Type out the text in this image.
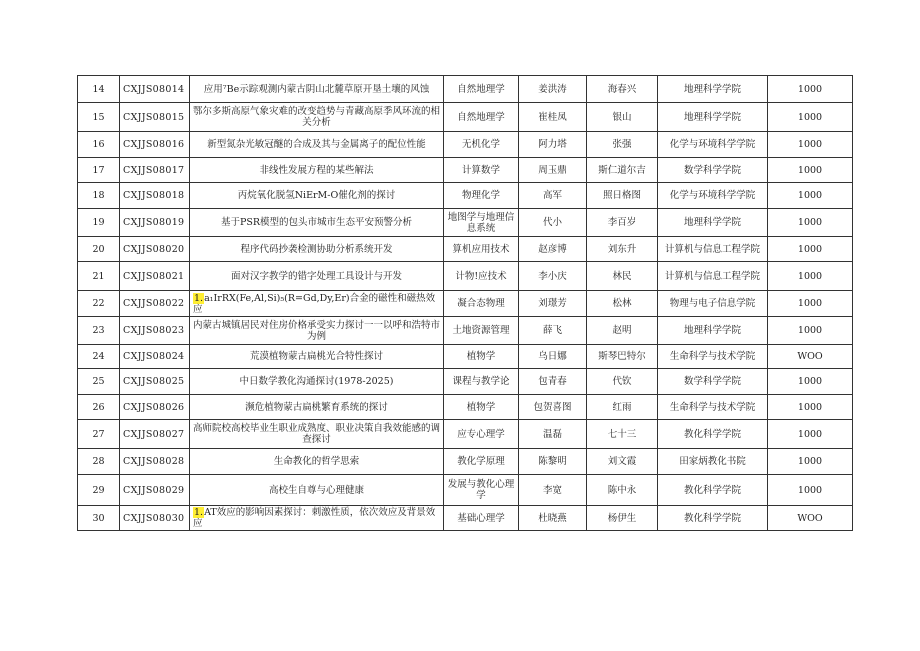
14	CXJJS08014	应用⁷Be示踪观测内蒙古阴山北麓草原开垦土壤的风蚀	自然地理学	姜洪涛	海春兴	地理科学学院	1000
15	CXJJS08015	鄂尔多斯高原气象灾难的改变趋势与青藏高原季风环流的相关分析	自然地理学	崔桂凤	银山	地理科学学院	1000
16	CXJJS08016	新型氮杂光敏冠醚的合成及其与金属离子的配位性能	无机化学	阿力塔	张强	化学与环境科学学院	1000
17	CXJJS08017	非线性发展方程的某些解法	计算数学	周玉鼎	斯仁道尔吉	数学科学学院	1000
18	CXJJS08018	丙烷氧化脱氢NiErM-O催化剂的探讨	物理化学	高军	照日格图	化学与环境科学学院	1000
19	CXJJS08019	基于PSR模型的包头市城市生态平安预警分析	地图学与地理信息系统	代小	李百岁	地理科学学院	1000
20	CXJJS08020	程序代码抄袭检测协助分析系统开发	算机应用技术	赵彦博	刘东升	计算机与信息工程学院	1000
21	CXJJS08021	面对汉字教学的错字处理工具设计与开发	计物!应技术	李小庆	林民	计算机与信息工程学院	1000
22	CXJJS08022	1.a₁IrRX(Fe,Al,Si)₅(R=Gd,Dy,Er)合金的磁性和磁热效应	凝合态物理	刘璟芳	松林	物理与电子信息学院	1000
23	CXJJS08023	内蒙古城镇居民对住房价格承受实力探讨一一以呼和浩特市为例	土地资源管理	薛飞	赵明	地理科学学院	1000
24	CXJJS08024	荒漠植物蒙古扁桃光合特性探讨	植物学	乌日娜	斯琴巴特尔	生命科学与技术学院	WOO
25	CXJJS08025	中日数学教化沟通探讨(1978-2025)	课程与教学论	包青春	代钦	数学科学学院	1000
26	CXJJS08026	濒危植物蒙古扁桃繁育系统的探讨	植物学	包贺喜图	红雨	生命科学与技术学院	1000
27	CXJJS08027	高师院校高校毕业生职业成熟度、职业决策自我效能感的调查探讨	应专心理学	温磊	七十三	教化科学学院	1000
28	CXJJS08028	生命教化的哲学思索	教化学原理	陈黎明	刘文霞	田家炳教化书院	1000
29	CXJJS08029	高校生自尊与心理健康	发展与教化心理学	李宽	陈中永	教化科学学院	1000
30	CXJJS08030	1.AT效应的影响因素探讨：刺激性质，依次效应及背景效应	基础心理学	杜晓燕	杨伊生	教化科学学院	WOO
